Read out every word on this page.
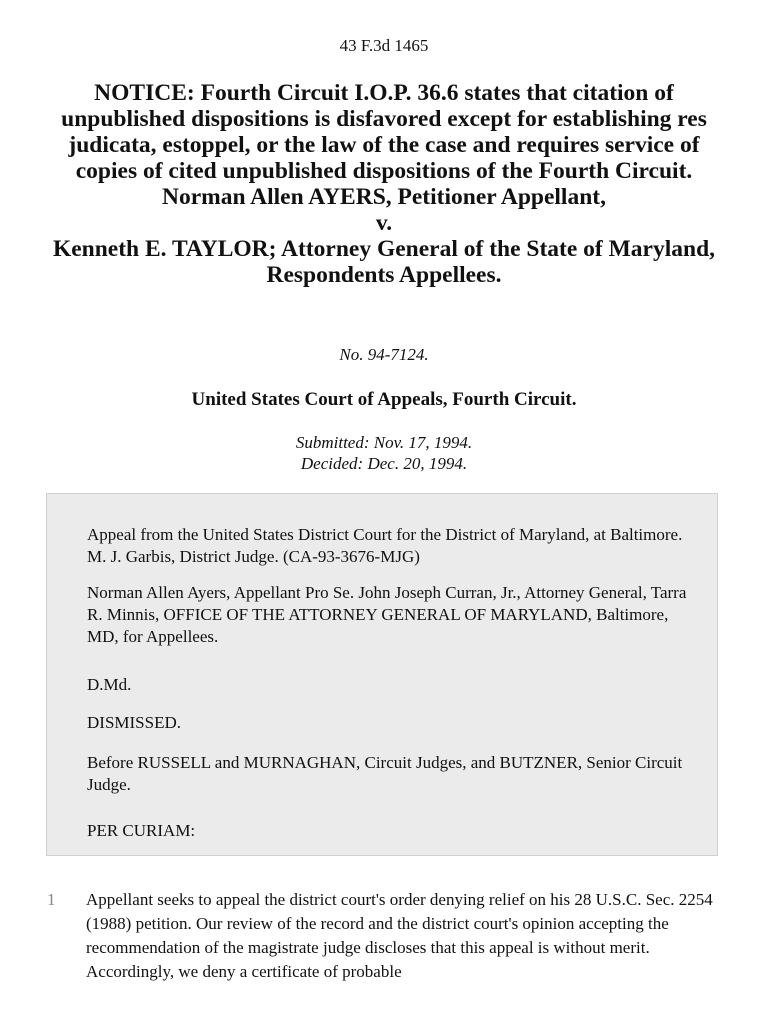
43 F.3d 1465
NOTICE: Fourth Circuit I.O.P. 36.6 states that citation of unpublished dispositions is disfavored except for establishing res judicata, estoppel, or the law of the case and requires service of copies of cited unpublished dispositions of the Fourth Circuit.
Norman Allen AYERS, Petitioner Appellant,
v.
Kenneth E. TAYLOR; Attorney General of the State of Maryland, Respondents Appellees.
No. 94-7124.
United States Court of Appeals, Fourth Circuit.
Submitted: Nov. 17, 1994.
Decided: Dec. 20, 1994.

Appeal from the United States District Court for the District of Maryland, at Baltimore. M. J. Garbis, District Judge. (CA-93-3676-MJG)

Norman Allen Ayers, Appellant Pro Se. John Joseph Curran, Jr., Attorney General, Tarra R. Minnis, OFFICE OF THE ATTORNEY GENERAL OF MARYLAND, Baltimore, MD, for Appellees.

D.Md.

DISMISSED.

Before RUSSELL and MURNAGHAN, Circuit Judges, and BUTZNER, Senior Circuit Judge.

PER CURIAM:

1 Appellant seeks to appeal the district court's order denying relief on his 28 U.S.C. Sec. 2254 (1988) petition. Our review of the record and the district court's opinion accepting the recommendation of the magistrate judge discloses that this appeal is without merit. Accordingly, we deny a certificate of probable
